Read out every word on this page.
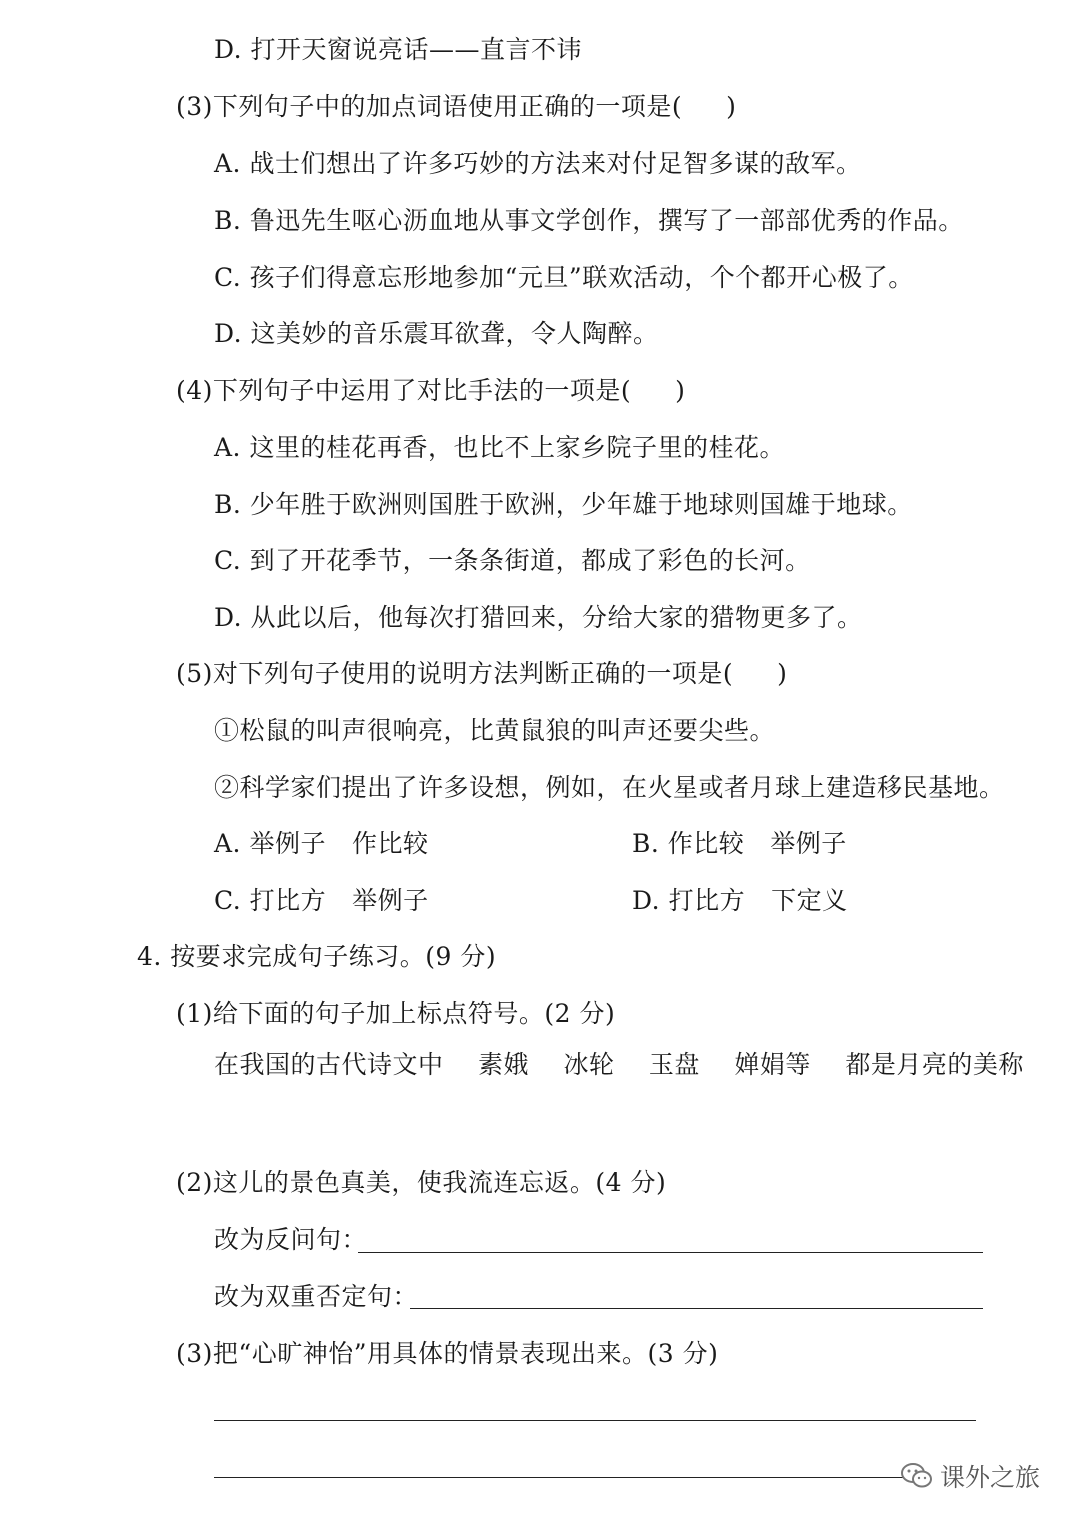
D. 打开天窗说亮话——直言不讳
(3)下列句子中的加点词语使用正确的一项是( )
A. 战士们想出了许多巧妙的方法来对付足智多谋的敌军。
B. 鲁迅先生呕心沥血地从事文学创作，撰写了一部部优秀的作品。
C. 孩子们得意忘形地参加“元旦”联欢活动，个个都开心极了。
D. 这美妙的音乐震耳欲聋，令人陶醉。
(4)下列句子中运用了对比手法的一项是( )
A. 这里的桂花再香，也比不上家乡院子里的桂花。
B. 少年胜于欧洲则国胜于欧洲，少年雄于地球则国雄于地球。
C. 到了开花季节，一条条街道，都成了彩色的长河。
D. 从此以后，他每次打猎回来，分给大家的猎物更多了。
(5)对下列句子使用的说明方法判断正确的一项是( )
①松鼠的叫声很响亮，比黄鼠狼的叫声还要尖些。
②科学家们提出了许多设想，例如，在火星或者月球上建造移民基地。
A. 举例子 作比较	B. 作比较 举例子
C. 打比方 举例子	D. 打比方 下定义
4. 按要求完成句子练习。(9 分)
(1)给下面的句子加上标点符号。(2 分)
在我国的古代诗文中 素娥 冰轮 玉盘 婵娟等 都是月亮的美称
(2)这儿的景色真美，使我流连忘返。(4 分)
改为反问句：
改为双重否定句：
(3)把“心旷神怡”用具体的情景表现出来。(3 分)
课外之旅
